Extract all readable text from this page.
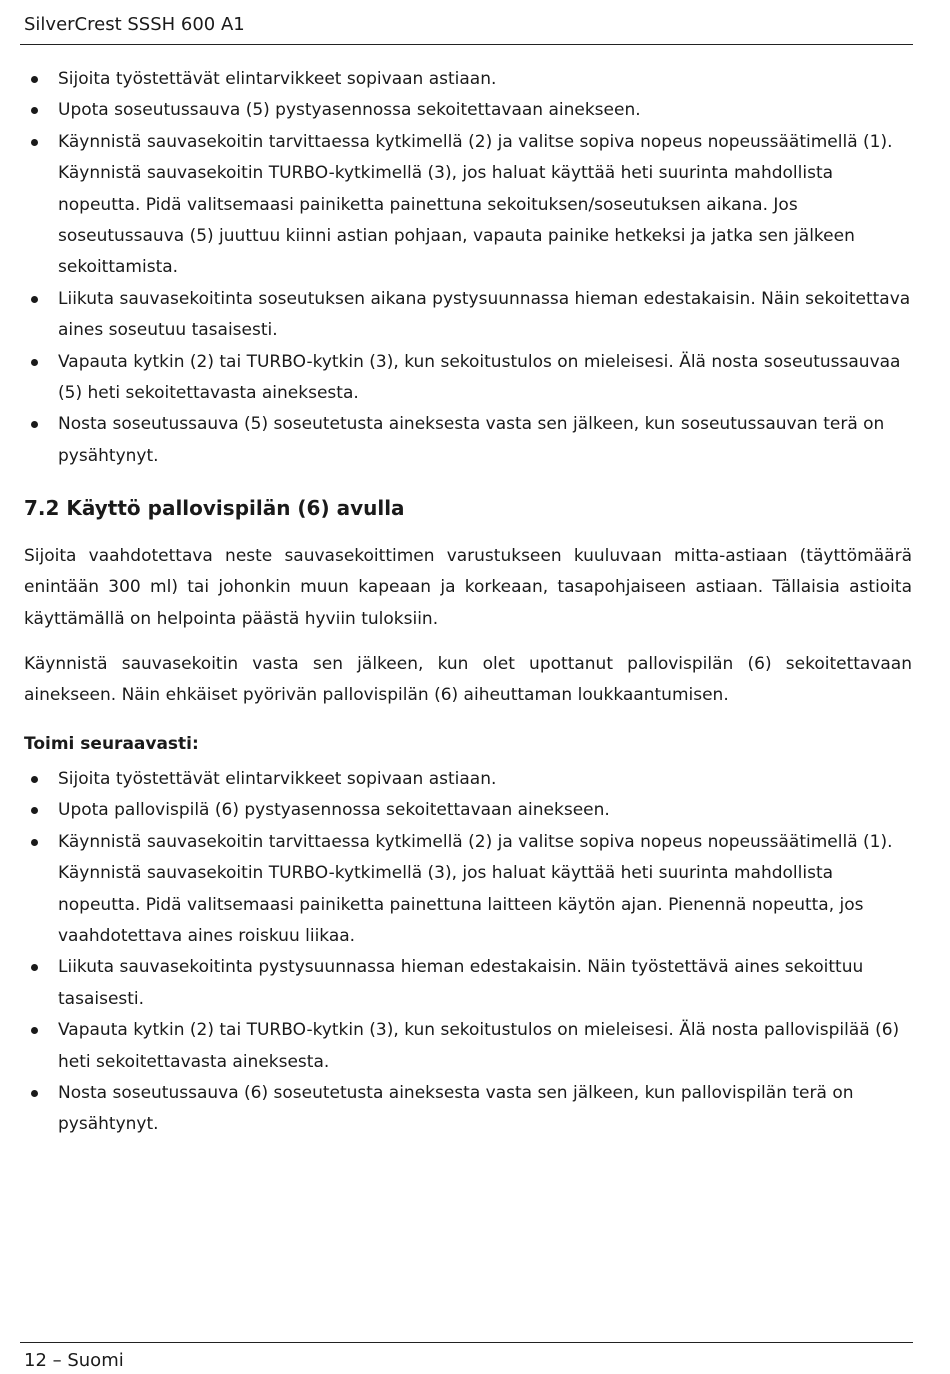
SilverCrest SSSH 600 A1
Sijoita työstettävät elintarvikkeet sopivaan astiaan.
Upota soseutussauva (5) pystyasennossa sekoitettavaan ainekseen.
Käynnistä sauvasekoitin tarvittaessa kytkimellä (2) ja valitse sopiva nopeus nopeussäätimellä (1). Käynnistä sauvasekoitin TURBO-kytkimellä (3), jos haluat käyttää heti suurinta mahdollista nopeutta. Pidä valitsemaasi painiketta painettuna sekoituksen/soseutuksen aikana. Jos soseutussauva (5) juuttuu kiinni astian pohjaan, vapauta painike hetkeksi ja jatka sen jälkeen sekoittamista.
Liikuta sauvasekoitinta soseutuksen aikana pystysuunnassa hieman edestakaisin. Näin sekoitettava aines soseutuu tasaisesti.
Vapauta kytkin (2) tai TURBO-kytkin (3), kun sekoitustulos on mieleisesi. Älä nosta soseutussauvaa (5) heti sekoitettavasta aineksesta.
Nosta soseutussauva (5) soseutetusta aineksesta vasta sen jälkeen, kun soseutussauvan terä on pysähtynyt.
7.2 Käyttö pallovispilän (6) avulla

Sijoita vaahdotettava neste sauvasekoittimen varustukseen kuuluvaan mitta-astiaan (täyttömäärä enintään 300 ml) tai johonkin muun kapeaan ja korkeaan, tasapohjaiseen astiaan. Tällaisia astioita käyttämällä on helpointa päästä hyviin tuloksiin.

Käynnistä sauvasekoitin vasta sen jälkeen, kun olet upottanut pallovispilän (6) sekoitettavaan ainekseen. Näin ehkäiset pyörivän pallovispilän (6) aiheuttaman loukkaantumisen.

Toimi seuraavasti:
Sijoita työstettävät elintarvikkeet sopivaan astiaan.
Upota pallovispilä (6) pystyasennossa sekoitettavaan ainekseen.
Käynnistä sauvasekoitin tarvittaessa kytkimellä (2) ja valitse sopiva nopeus nopeussäätimellä (1). Käynnistä sauvasekoitin TURBO-kytkimellä (3), jos haluat käyttää heti suurinta mahdollista nopeutta. Pidä valitsemaasi painiketta painettuna laitteen käytön ajan. Pienennä nopeutta, jos vaahdotettava aines roiskuu liikaa.
Liikuta sauvasekoitinta pystysuunnassa hieman edestakaisin. Näin työstettävä aines sekoittuu tasaisesti.
Vapauta kytkin (2) tai TURBO-kytkin (3), kun sekoitustulos on mieleisesi. Älä nosta pallovispilää (6) heti sekoitettavasta aineksesta.
Nosta soseutussauva (6) soseutetusta aineksesta vasta sen jälkeen, kun pallovispilän terä on pysähtynyt.
12 – Suomi
